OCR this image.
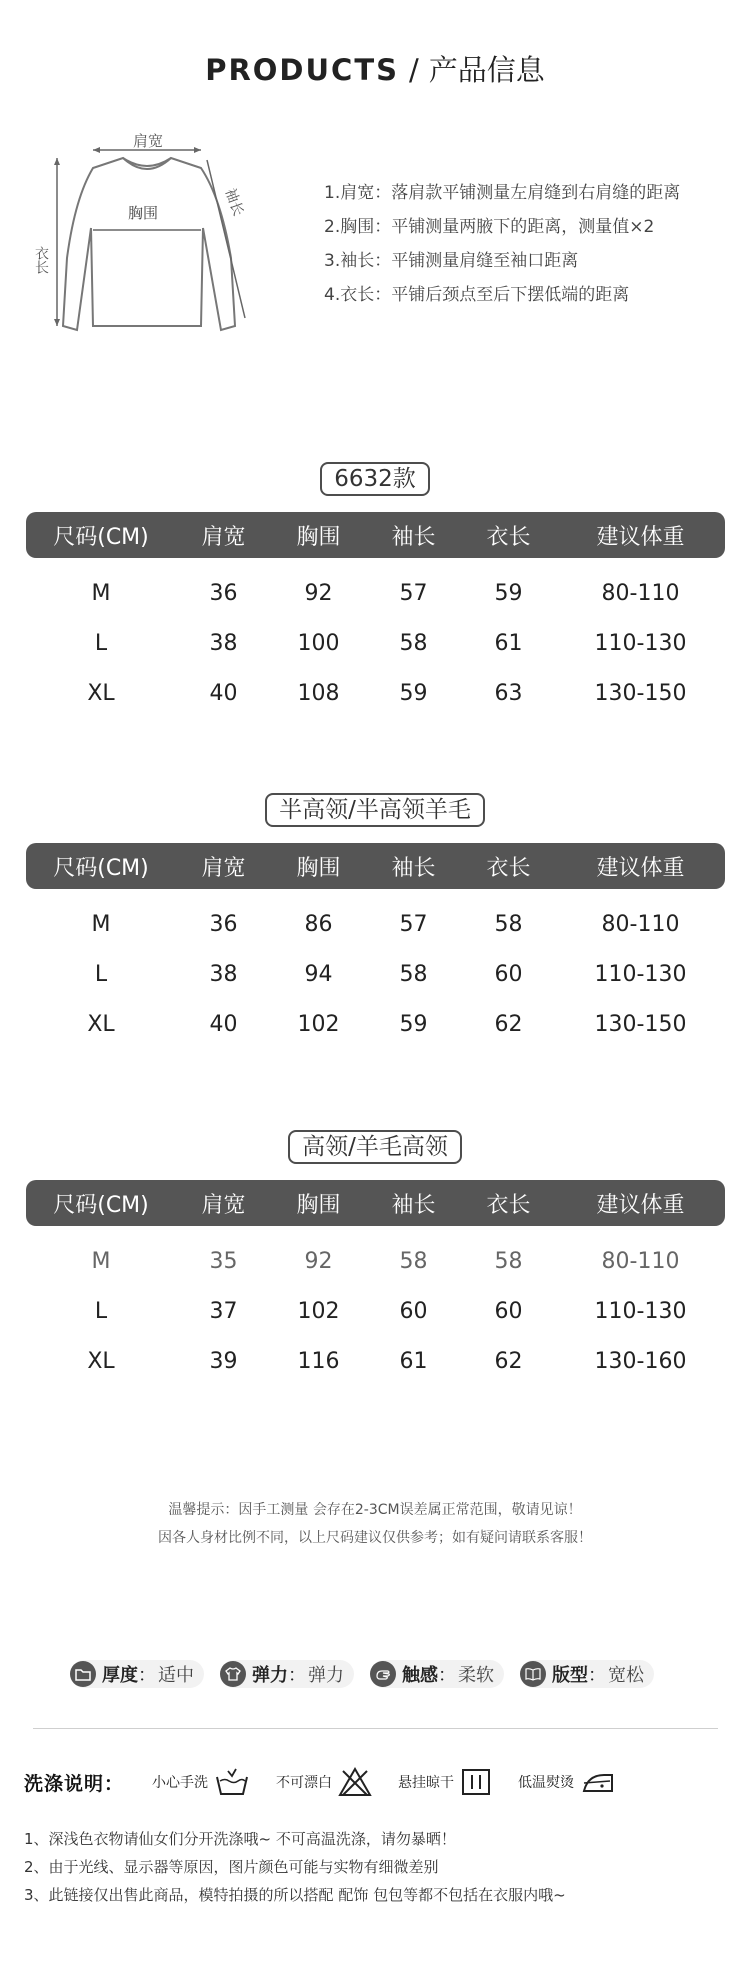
PRODUCTS / 产品信息
肩宽
胸围
衣长
袖长	1.肩宽：落肩款平铺测量左肩缝到右肩缝的距离
2.胸围：平铺测量两腋下的距离，测量值×2
3.袖长：平铺测量肩缝至袖口距离
4.衣长：平铺后颈点至后下摆低端的距离
6632款
尺码(CM)	肩宽	胸围	袖长	衣长	建议体重
M	36	92	57	59	80-110
L	38	100	58	61	110-130
XL	40	108	59	63	130-150
半高领/半高领羊毛
尺码(CM)	肩宽	胸围	袖长	衣长	建议体重
M	36	86	57	58	80-110
L	38	94	58	60	110-130
XL	40	102	59	62	130-150
高领/羊毛高领
尺码(CM)	肩宽	胸围	袖长	衣长	建议体重
M	35	92	58	58	80-110
L	37	102	60	60	110-130
XL	39	116	61	62	130-160
温馨提示：因手工测量 会存在2-3CM误差属正常范围，敬请见谅！
因各人身材比例不同，以上尺码建议仅供参考；如有疑问请联系客服！
厚度 ： 适中	弹力 ： 弹力	触感 ： 柔软	版型 ： 宽松
洗涤说明： 小心手洗	不可漂白	悬挂晾干	低温熨烫
1、深浅色衣物请仙女们分开洗涤哦~ 不可高温洗涤，请勿暴晒！
2、由于光线、显示器等原因，图片颜色可能与实物有细微差别
3、此链接仅出售此商品，模特拍摄的所以搭配 配饰 包包等都不包括在衣服内哦~
